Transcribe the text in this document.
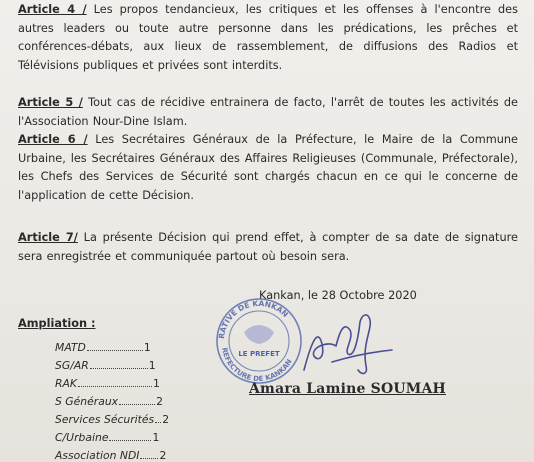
Article 4 / Les propos tendancieux, les critiques et les offenses à l'encontre des autres leaders ou toute autre personne dans les prédications, les prêches et conférences-débats, aux lieux de rassemblement, de diffusions des Radios et Télévisions publiques et privées sont interdits.
Article 5 / Tout cas de récidive entrainera de facto, l'arrêt de toutes les activités de l'Association Nour-Dine Islam.
Article 6 / Les Secrétaires Généraux de la Préfecture, le Maire de la Commune Urbaine, les Secrétaires Généraux des Affaires Religieuses (Communale, Préfectorale), les Chefs des Services de Sécurité sont chargés chacun en ce qui le concerne de l'application de cette Décision.
Article 7/ La présente Décision qui prend effet, à compter de sa date de signature sera enregistrée et communiquée partout où besoin sera.
Kankan, le 28 Octobre 2020
Ampliation :
MATD	1
SG/AR	1
RAK	1
S Généraux	2
Services Sécurités 2
C/Urbaine	1
Association NDI 2
RATIVE DE KANKAN
REFECTURE DE KANKAN
LE PREFET
Amara Lamine SOUMAH
